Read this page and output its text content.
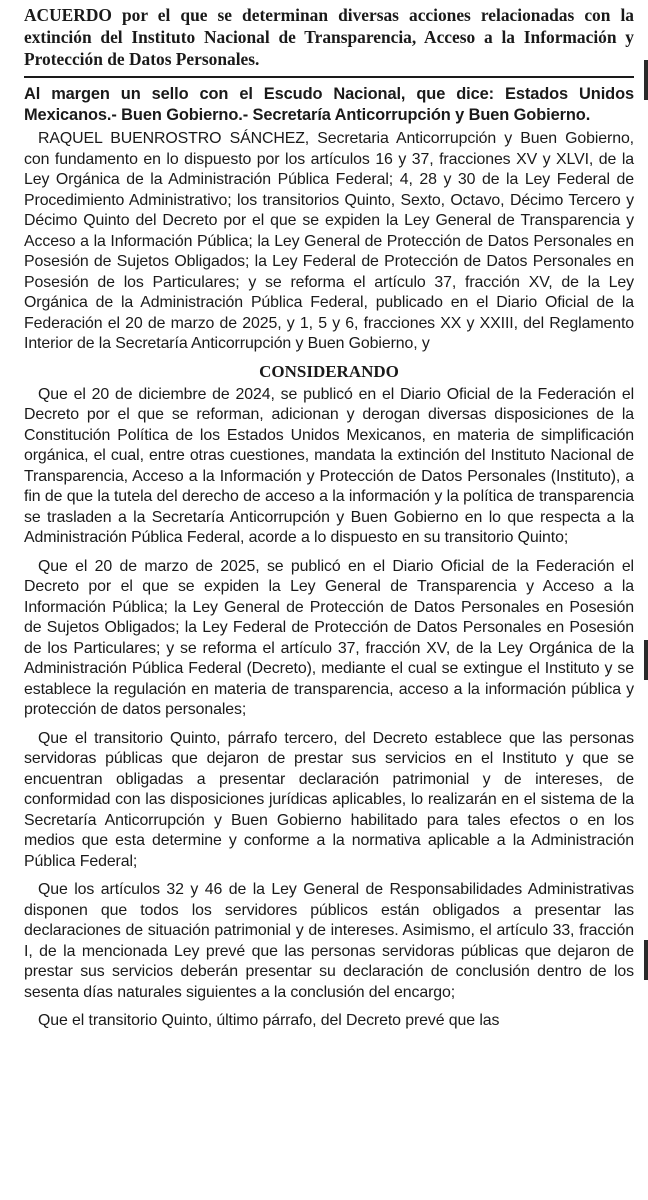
ACUERDO por el que se determinan diversas acciones relacionadas con la extinción del Instituto Nacional de Transparencia, Acceso a la Información y Protección de Datos Personales.

Al margen un sello con el Escudo Nacional, que dice: Estados Unidos Mexicanos.- Buen Gobierno.- Secretaría Anticorrupción y Buen Gobierno.

RAQUEL BUENROSTRO SÁNCHEZ, Secretaria Anticorrupción y Buen Gobierno, con fundamento en lo dispuesto por los artículos 16 y 37, fracciones XV y XLVI, de la Ley Orgánica de la Administración Pública Federal; 4, 28 y 30 de la Ley Federal de Procedimiento Administrativo; los transitorios Quinto, Sexto, Octavo, Décimo Tercero y Décimo Quinto del Decreto por el que se expiden la Ley General de Transparencia y Acceso a la Información Pública; la Ley General de Protección de Datos Personales en Posesión de Sujetos Obligados; la Ley Federal de Protección de Datos Personales en Posesión de los Particulares; y se reforma el artículo 37, fracción XV, de la Ley Orgánica de la Administración Pública Federal, publicado en el Diario Oficial de la Federación el 20 de marzo de 2025, y 1, 5 y 6, fracciones XX y XXIII, del Reglamento Interior de la Secretaría Anticorrupción y Buen Gobierno, y

CONSIDERANDO

Que el 20 de diciembre de 2024, se publicó en el Diario Oficial de la Federación el Decreto por el que se reforman, adicionan y derogan diversas disposiciones de la Constitución Política de los Estados Unidos Mexicanos, en materia de simplificación orgánica, el cual, entre otras cuestiones, mandata la extinción del Instituto Nacional de Transparencia, Acceso a la Información y Protección de Datos Personales (Instituto), a fin de que la tutela del derecho de acceso a la información y la política de transparencia se trasladen a la Secretaría Anticorrupción y Buen Gobierno en lo que respecta a la Administración Pública Federal, acorde a lo dispuesto en su transitorio Quinto;

Que el 20 de marzo de 2025, se publicó en el Diario Oficial de la Federación el Decreto por el que se expiden la Ley General de Transparencia y Acceso a la Información Pública; la Ley General de Protección de Datos Personales en Posesión de Sujetos Obligados; la Ley Federal de Protección de Datos Personales en Posesión de los Particulares; y se reforma el artículo 37, fracción XV, de la Ley Orgánica de la Administración Pública Federal (Decreto), mediante el cual se extingue el Instituto y se establece la regulación en materia de transparencia, acceso a la información pública y protección de datos personales;

Que el transitorio Quinto, párrafo tercero, del Decreto establece que las personas servidoras públicas que dejaron de prestar sus servicios en el Instituto y que se encuentran obligadas a presentar declaración patrimonial y de intereses, de conformidad con las disposiciones jurídicas aplicables, lo realizarán en el sistema de la Secretaría Anticorrupción y Buen Gobierno habilitado para tales efectos o en los medios que esta determine y conforme a la normativa aplicable a la Administración Pública Federal;

Que los artículos 32 y 46 de la Ley General de Responsabilidades Administrativas disponen que todos los servidores públicos están obligados a presentar las declaraciones de situación patrimonial y de intereses. Asimismo, el artículo 33, fracción I, de la mencionada Ley prevé que las personas servidoras públicas que dejaron de prestar sus servicios deberán presentar su declaración de conclusión dentro de los sesenta días naturales siguientes a la conclusión del encargo;

Que el transitorio Quinto, último párrafo, del Decreto prevé que las
